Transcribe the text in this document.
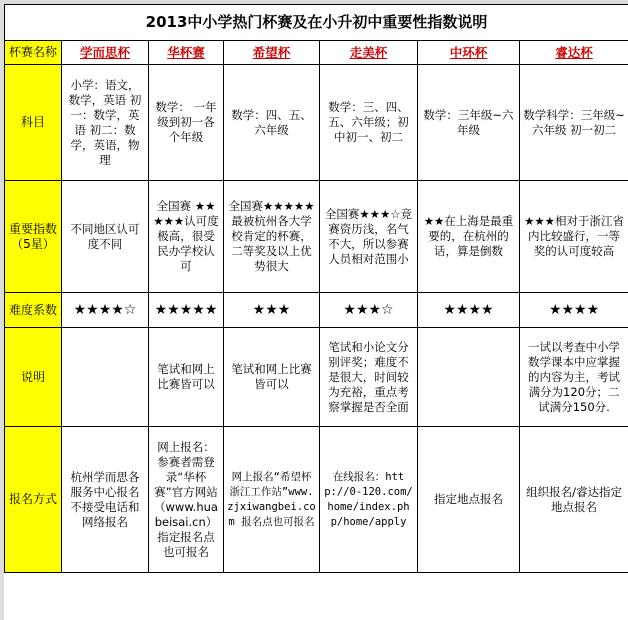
2013中小学热门杯赛及在小升初中重要性指数说明						
杯赛名称	学而思杯	华杯赛	希望杯	走美杯	中环杯	睿达杯
科目	小学：语文，数学，英语 初一：数学，英语 初二：数学，英语，物理	数学： 一年级到初一各个年级	数学：四、五、六年级	数学：三、四、五、六年级；初中初一、初二	数学：三年级~六年级	数学科学：三年级~六年级 初一初二
重要指数（5星）	不同地区认可度不同	全国赛 ★★★★★认可度极高，很受民办学校认可	全国赛★★★★★最被杭州各大学校肯定的杯赛，二等奖及以上优势很大	全国赛★★★☆竞赛资历浅，名气不大，所以参赛人员相对范围小	★★在上海是最重要的，在杭州的话，算是倒数	★★★相对于浙江省内比较盛行，一等奖的认可度较高
难度系数	★★★★☆	★★★★★	★★★	★★★☆	★★★★	★★★★
说明		笔试和网上比赛皆可以	笔试和网上比赛皆可以	笔试和小论文分别评奖；难度不是很大，时间较为充裕，重点考察掌握是否全面		一试以考查中小学数学课本中应掌握的内容为主，考试满分为120分；二试满分150分.
报名方式	杭州学而思各服务中心报名不接受电话和网络报名	网上报名：参赛者需登录“华杯赛”官方网站（www.huabeisai.cn）指定报名点也可报名	网上报名“希望杯浙江工作站”www.zjxiwangbei.com 报名点也可报名	在线报名：http://0-120.com/home/index.php/home/apply	指定地点报名	组织报名/睿达指定地点报名
